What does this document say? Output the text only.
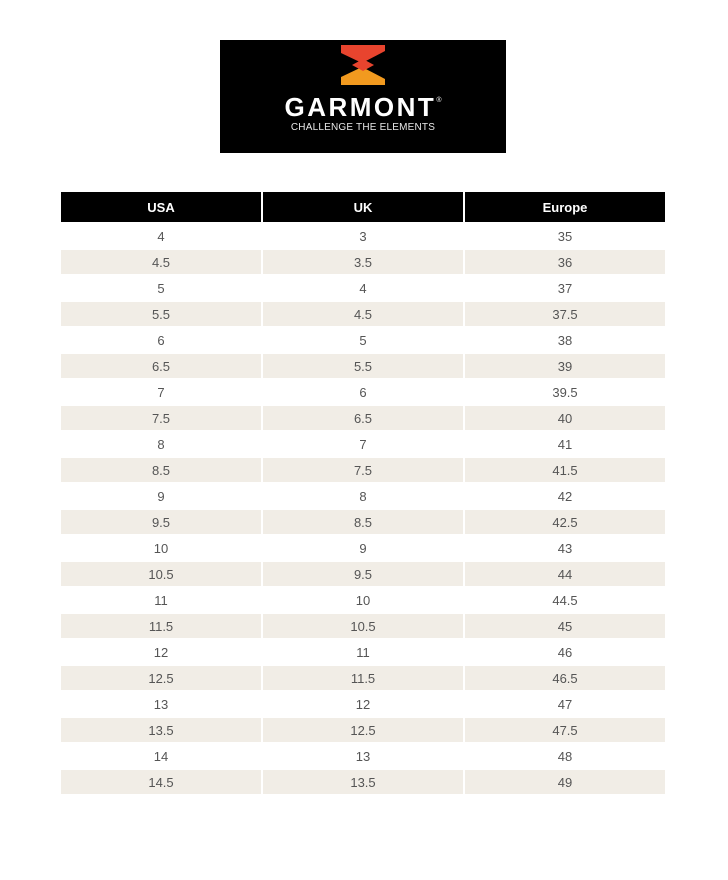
GARMONT®
CHALLENGE THE ELEMENTS
USA	UK	Europe
4	3	35
4.5	3.5	36
5	4	37
5.5	4.5	37.5
6	5	38
6.5	5.5	39
7	6	39.5
7.5	6.5	40
8	7	41
8.5	7.5	41.5
9	8	42
9.5	8.5	42.5
10	9	43
10.5	9.5	44
11	10	44.5
11.5	10.5	45
12	11	46
12.5	11.5	46.5
13	12	47
13.5	12.5	47.5
14	13	48
14.5	13.5	49
